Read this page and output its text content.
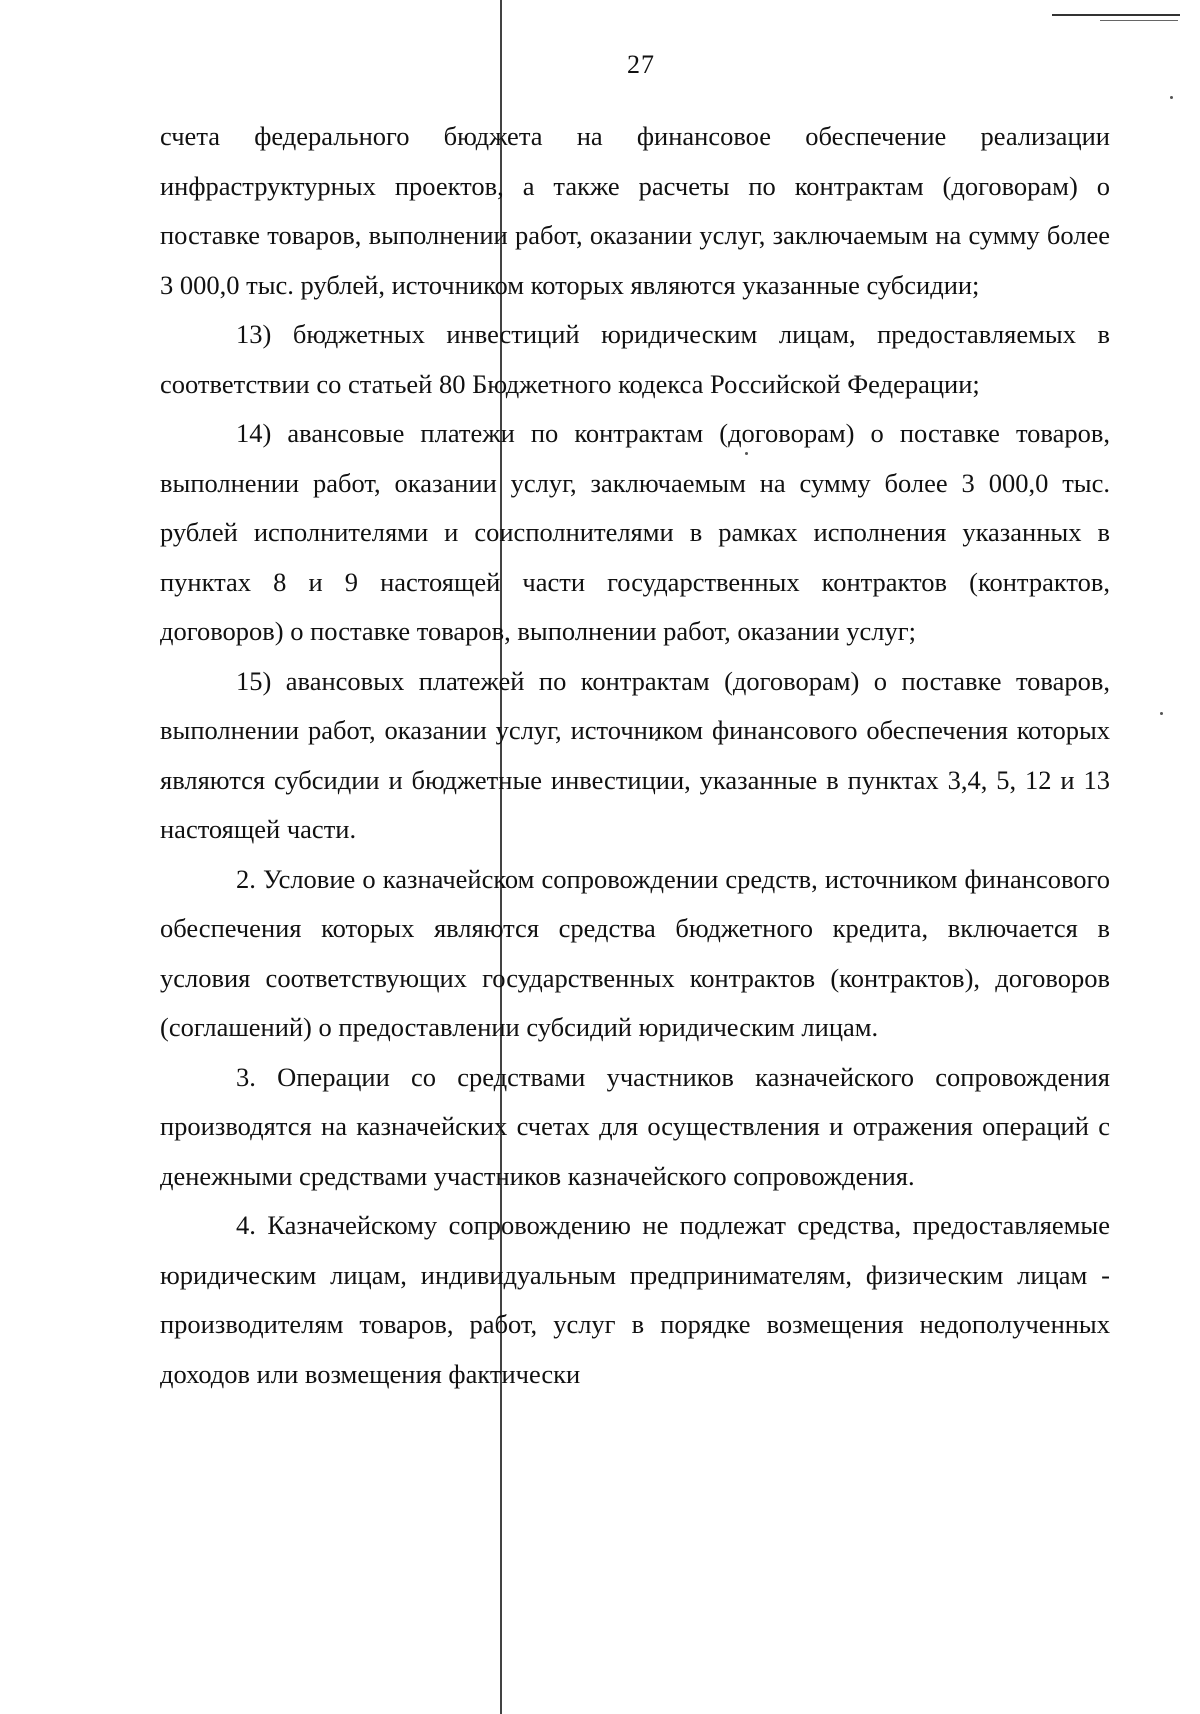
27

счета федерального бюджета на финансовое обеспечение реализации инфраструктурных проектов, а также расчеты по контрактам (договорам) о поставке товаров, выполнении работ, оказании услуг, заключаемым на сумму более 3 000,0 тыс. рублей, источником которых являются указанные субсидии;

13) бюджетных инвестиций юридическим лицам, предоставляемых в соответствии со статьей 80 Бюджетного кодекса Российской Федерации;

14) авансовые платежи по контрактам (договорам) о поставке товаров, выполнении работ, оказании услуг, заключаемым на сумму более 3 000,0 тыс. рублей исполнителями и соисполнителями в рамках исполнения указанных в пунктах 8 и 9 настоящей части государственных контрактов (контрактов, договоров) о поставке товаров, выполнении работ, оказании услуг;

15) авансовых платежей по контрактам (договорам) о поставке товаров, выполнении работ, оказании услуг, источником финансового обеспечения которых являются субсидии и бюджетные инвестиции, указанные в пунктах 3,4, 5, 12 и 13 настоящей части.

2. Условие о казначейском сопровождении средств, источником финансового обеспечения которых являются средства бюджетного кредита, включается в условия соответствующих государственных контрактов (контрактов), договоров (соглашений) о предоставлении субсидий юридическим лицам.

3. Операции со средствами участников казначейского сопровождения производятся на казначейских счетах для осуществления и отражения операций с денежными средствами участников казначейского сопровождения.

4. Казначейскому сопровождению не подлежат средства, предоставляемые юридическим лицам, индивидуальным предпринимателям, физическим лицам - производителям товаров, работ, услуг в порядке возмещения недополученных доходов или возмещения фактически
